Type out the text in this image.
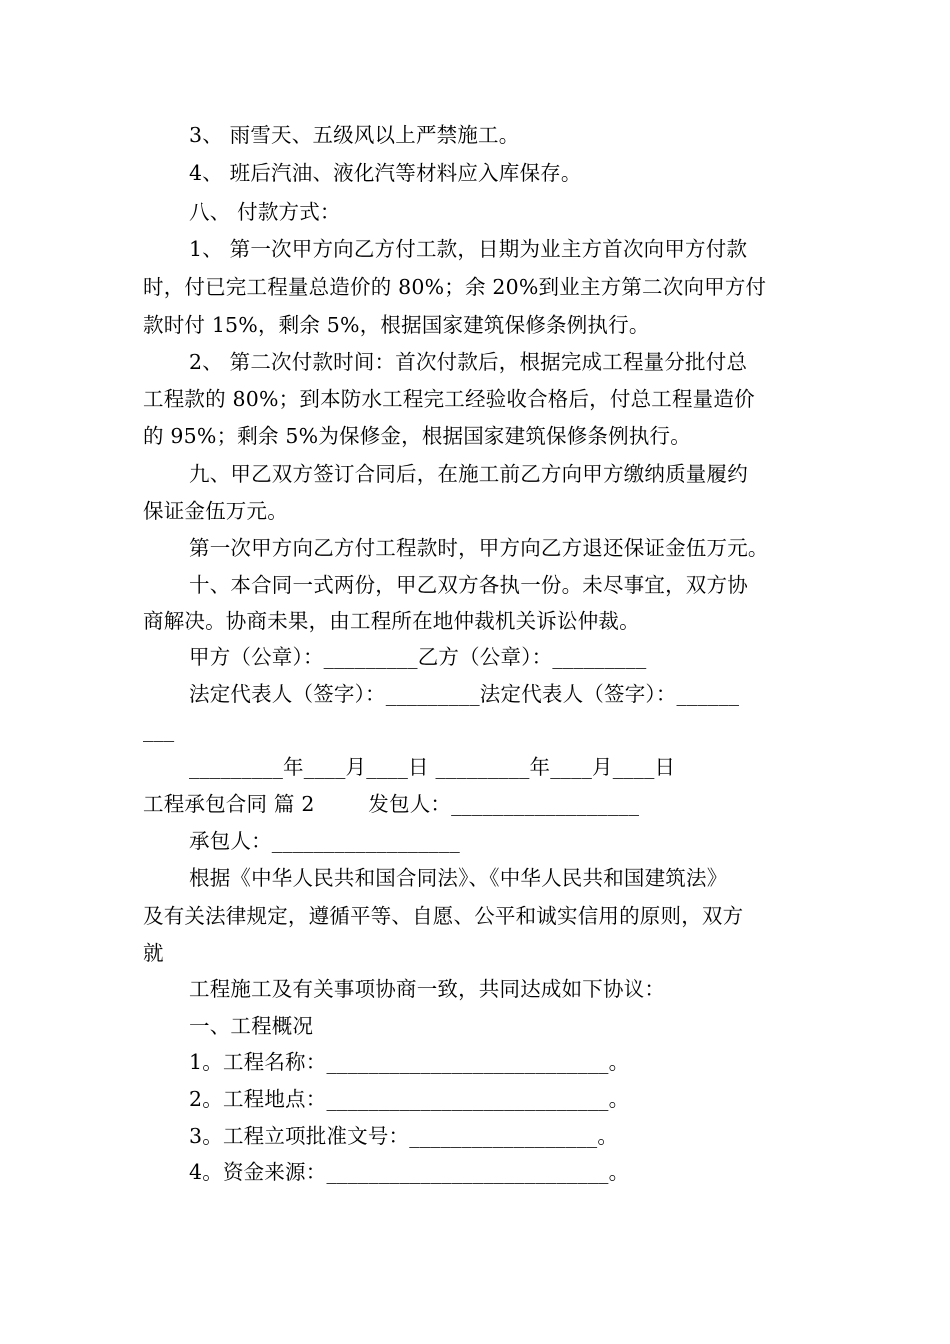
3、 雨雪天、五级风以上严禁施工。
4、 班后汽油、液化汽等材料应入库保存。
八、 付款方式：
1、 第一次甲方向乙方付工款，日期为业主方首次向甲方付款
时，付已完工程量总造价的 80%；余 20%到业主方第二次向甲方付
款时付 15%，剩余 5%，根据国家建筑保修条例执行。
2、 第二次付款时间：首次付款后，根据完成工程量分批付总
工程款的 80%；到本防水工程完工经验收合格后，付总工程量造价
的 95%；剩余 5%为保修金，根据国家建筑保修条例执行。
九、甲乙双方签订合同后，在施工前乙方向甲方缴纳质量履约
保证金伍万元。
第一次甲方向乙方付工程款时，甲方向乙方退还保证金伍万元。
十、本合同一式两份，甲乙双方各执一份。未尽事宜，双方协
商解决。协商未果，由工程所在地仲裁机关诉讼仲裁。
甲方（公章）：_________乙方（公章）：_________
法定代表人（签字）：_________法定代表人（签字）：______
___
_________年____月____日 _________年____月____日
工程承包合同 篇 2        发包人：__________________
承包人：__________________
根据《中华人民共和国合同法》、《中华人民共和国建筑法》
及有关法律规定，遵循平等、自愿、公平和诚实信用的原则，双方
就
工程施工及有关事项协商一致，共同达成如下协议：
一、工程概况
1。工程名称：___________________________。
2。工程地点：___________________________。
3。工程立项批准文号：__________________。
4。资金来源：___________________________。
